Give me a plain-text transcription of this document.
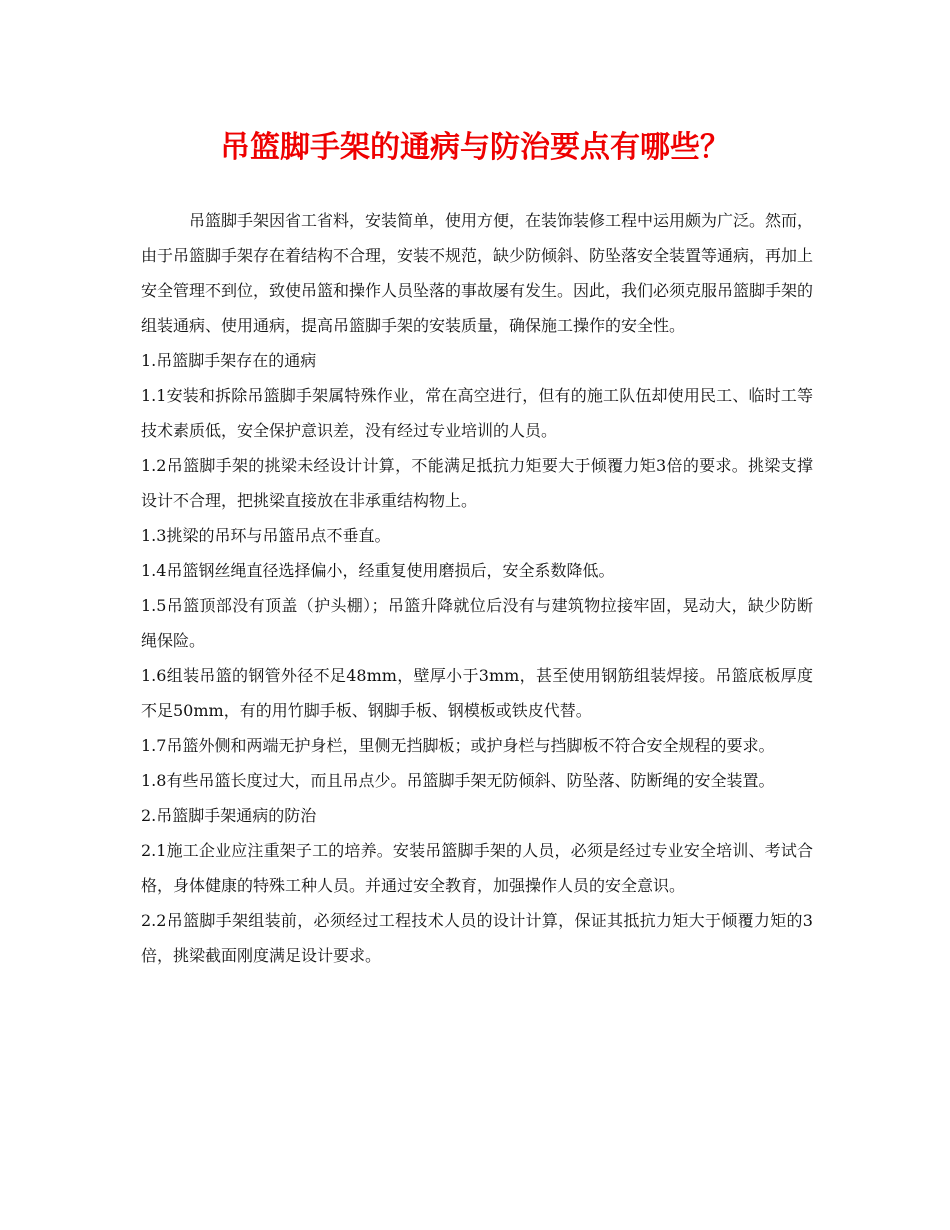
吊篮脚手架的通病与防治要点有哪些？

吊篮脚手架因省工省料，安装简单，使用方便，在装饰装修工程中运用颇为广泛。然而，由于吊篮脚手架存在着结构不合理，安装不规范，缺少防倾斜、防坠落安全装置等通病，再加上安全管理不到位，致使吊篮和操作人员坠落的事故屡有发生。因此，我们必须克服吊篮脚手架的组装通病、使用通病，提高吊篮脚手架的安装质量，确保施工操作的安全性。

1.吊篮脚手架存在的通病

1.1安装和拆除吊篮脚手架属特殊作业，常在高空进行，但有的施工队伍却使用民工、临时工等技术素质低，安全保护意识差，没有经过专业培训的人员。

1.2吊篮脚手架的挑梁未经设计计算，不能满足抵抗力矩要大于倾覆力矩3倍的要求。挑梁支撑设计不合理，把挑梁直接放在非承重结构物上。

1.3挑梁的吊环与吊篮吊点不垂直。

1.4吊篮钢丝绳直径选择偏小，经重复使用磨损后，安全系数降低。

1.5吊篮顶部没有顶盖（护头棚）；吊篮升降就位后没有与建筑物拉接牢固，晃动大，缺少防断绳保险。

1.6组装吊篮的钢管外径不足48mm，壁厚小于3mm，甚至使用钢筋组装焊接。吊篮底板厚度不足50mm，有的用竹脚手板、钢脚手板、钢模板或铁皮代替。

1.7吊篮外侧和两端无护身栏，里侧无挡脚板；或护身栏与挡脚板不符合安全规程的要求。

1.8有些吊篮长度过大，而且吊点少。吊篮脚手架无防倾斜、防坠落、防断绳的安全装置。

2.吊篮脚手架通病的防治

2.1施工企业应注重架子工的培养。安装吊篮脚手架的人员，必须是经过专业安全培训、考试合格，身体健康的特殊工种人员。并通过安全教育，加强操作人员的安全意识。

2.2吊篮脚手架组装前，必须经过工程技术人员的设计计算，保证其抵抗力矩大于倾覆力矩的3倍，挑梁截面刚度满足设计要求。
